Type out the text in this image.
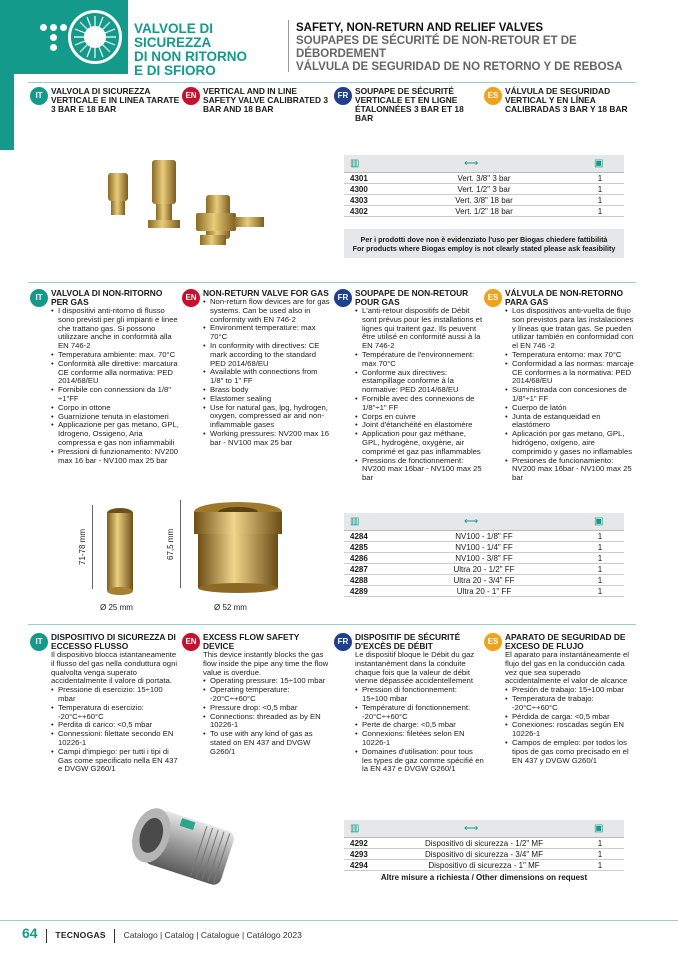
VALVOLE DI SICUREZZA
DI NON RITORNO
E DI SFIORO
SAFETY, NON-RETURN AND RELIEF VALVES
SOUPAPES DE SÉCURITÉ DE NON-RETOUR ET DE DÉBORDEMENT
VÁLVULA DE SEGURIDAD DE NO RETORNO Y DE REBOSA
IT	VALVOLA DI SICUREZZA VERTICALE E IN LINEA TARATE 3 BAR E 18 BAR
EN VERTICAL AND IN LINE SAFETY VALVE CALIBRATED 3 BAR AND 18 BAR
FR SOUPAPE DE SÉCURITÉ VERTICALE ET EN LIGNE ÉTALONNÉES 3 BAR ET 18 BAR
ES VÁLVULA DE SEGURIDAD VERTICAL Y EN LÍNEA CALIBRADAS 3 BAR Y 18 BAR
▥	⟷	▣
4301	Vert. 3/8" 3 bar	1
4300	Vert. 1/2" 3 bar	1
4303	Vert. 3/8" 18 bar	1
4302	Vert. 1/2" 18 bar	1
Per i prodotti dove non è evidenziato l'uso per Biogas chiedere fattibilità
For products where Biogas employ is not clearly stated please ask feasibility
IT	VALVOLA DI NON-RITORNO PER GAS
• I dispositivi anti-ritorno di flusso sono previsti per gli impianti e linee che trattano gas. Si possono utilizzare anche in conformità alla EN 746-2
• Temperatura ambiente: max. 70°C
• Conformità alle direttive: marcatura CE conforme alla normativa: PED 2014/68/EU
• Fornibile con connessioni da 1/8" ÷1"FF
• Corpo in ottone
• Guarnizione tenuta in elastomeri
• Applicazione per gas metano, GPL, Idrogeno, Ossigeno, Aria compressa e gas non infiammabili
• Pressioni di funzionamento: NV200 max 16 bar - NV100 max 25 bar
EN NON-RETURN VALVE FOR GAS
• Non-return flow devices are for gas systems. Can be used also in conformity with EN 746-2
• Environment temperature: max 70°C
• In conformity with directives: CE mark according to the standard PED 2014/68/EU
• Available with connections from 1/8" to 1" FF
• Brass body
• Elastomer sealing
• Use for natural gas, lpg, hydrogen, oxygen, compressed air and non-inflammable gases
• Working pressures: NV200 max 16 bar - NV100 max 25 bar
FR SOUPAPE DE NON-RETOUR POUR GAS
• L'anti-retour dispositifs de Débit sont prévus pour les installations et lignes qui traitent gaz. Ils peuvent être utilisé en conformité aussi à la EN 746-2
• Température de l'environnement: max 70°C
• Conforme aux directives: estampillage conforme à la normative: PED 2014/68/EU
• Fornible avec des connexions de 1/8"÷1" FF
• Corps en cuivre
• Joint d'étanchéité en élastomère
• Application pour gaz méthane, GPL, hydrogène, oxygène, air comprimé et gaz pas inflammables
• Pressions de fonctionnement: NV200 max 16bar - NV100 max 25 bar
ES VÁLVULA DE NON-RETORNO PARA GAS
• Los dispositivos anti-vuelta de flujo son previstos para las instalaciones y líneas que tratan gas. Se pueden utilizar también en conformidad con el EN 746 -2
• Temperatura entorno: max 70°C
• Conformidad a las normas: marcaje CE conformes a la normativa: PED 2014/68/EU
• Suministrada con concesiones de 1/8"÷1" FF
• Cuerpo de latón
• Junta de estanqueidad en elastómero
• Aplicación por gas metano, GPL, hidrógeno, oxígeno, aire comprimido y gases no inflamables
• Presiones de funcionamiento: NV200 max 16bar - NV100 max 25 bar
71-78 mm
Ø 25 mm
67,5 mm
Ø 52 mm
▥	⟷	▣
4284	NV100 - 1/8" FF	1
4285	NV100 - 1/4" FF	1
4286	NV100 - 3/8" FF	1
4287	Ultra 20 - 1/2" FF	1
4288	Ultra 20 - 3/4" FF	1
4289	Ultra 20 - 1" FF	1
IT	DISPOSITIVO DI SICUREZZA DI ECCESSO FLUSSO
Il dispositivo blocca istantaneamente il flusso del gas nella conduttura ogni qualvolta venga superato accidentalmente il valore di portata.
• Pressione di esercizio: 15÷100 mbar
• Temperatura di esercizio: -20°C÷+60°C
• Perdita di carico: <0,5 mbar
• Connessioni: filettate secondo EN 10226-1
• Campi d'impiego: per tutti i tipi di Gas come specificato nella EN 437 e DVGW G260/1
EN EXCESS FLOW SAFETY DEVICE
This device instantly blocks the gas flow inside the pipe any time the flow value is overdue.
• Operating pressure: 15÷100 mbar
• Operating temperature: -20°C÷+60°C
• Pressure drop: <0,5 mbar
• Connections: threaded as by EN 10226-1
• To use with any kind of gas as stated on EN 437 and DVGW G260/1
FR DISPOSITIF DE SÉCURITÉ D'EXCÈS DE DÉBIT
Le dispositif bloque le Débit du gaz instantanément dans la conduite chaque fois que la valeur de débit vienne dépassée accidentellement
• Pression di fonctionnement: 15÷100 mbar
• Température di fonctionnement: -20°C÷+60°C
• Perte de charge: <0,5 mbar
• Connexions: filetées selon EN 10226-1
• Domaines d'utilisation: pour tous les types de gaz comme spécifié en la EN 437 e DVGW G260/1
ES APARATO DE SEGURIDAD DE EXCESO DE FLUJO
El aparato para instantáneamente el flujo del gas en la conducción cada vez que sea superado accidentalmente el valor de alcance
• Presión de trabajo: 15÷100 mbar
• Temperatura de trabajo: -20°C÷+60°C
• Pérdida de carga: <0,5 mbar
• Conexiones: roscadas según EN 10226-1
• Campos de empleo: por todos los tipos de gas como precisado en el EN 437 y DVGW G260/1
▥	⟷	▣
4292	Dispositivo di sicurezza - 1/2" MF	1
4293	Dispositivo di sicurezza - 3/4" MF	1
4294	Dispositivo di sicurezza - 1" MF	1
Altre misure a richiesta / Other dimensions on request
64 TECNOGAS Catalogo | Catalog | Catalogue | Catálogo 2023
